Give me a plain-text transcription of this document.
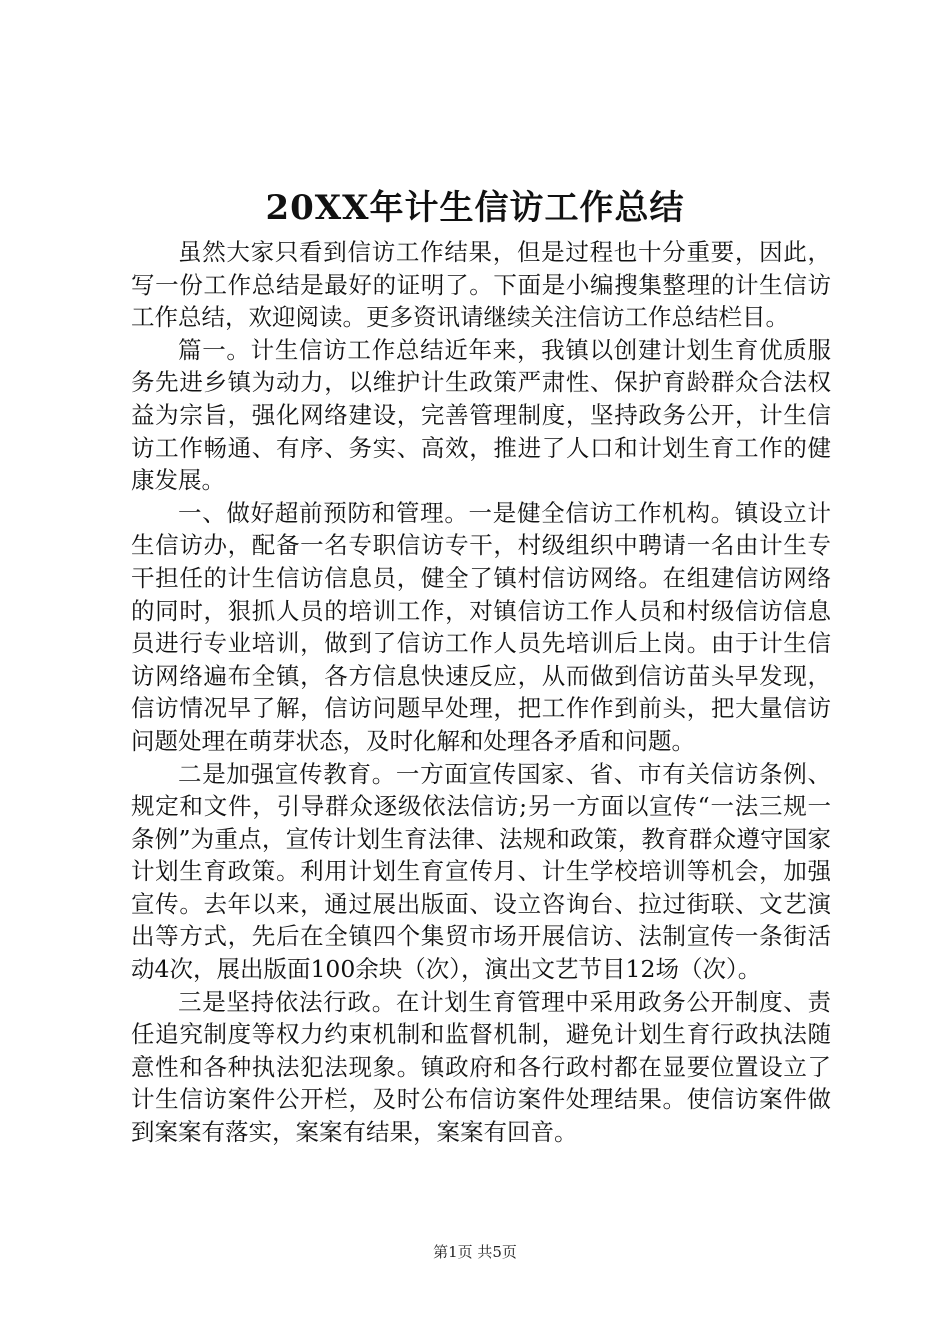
20XX年计生信访工作总结

虽然大家只看到信访工作结果，但是过程也十分重要，因此，写一份工作总结是最好的证明了。下面是小编搜集整理的计生信访工作总结，欢迎阅读。更多资讯请继续关注信访工作总结栏目。

篇一。计生信访工作总结近年来，我镇以创建计划生育优质服务先进乡镇为动力，以维护计生政策严肃性、保护育龄群众合法权益为宗旨，强化网络建设，完善管理制度，坚持政务公开，计生信访工作畅通、有序、务实、高效，推进了人口和计划生育工作的健康发展。

一、做好超前预防和管理。一是健全信访工作机构。镇设立计生信访办，配备一名专职信访专干，村级组织中聘请一名由计生专干担任的计生信访信息员，健全了镇村信访网络。在组建信访网络的同时，狠抓人员的培训工作，对镇信访工作人员和村级信访信息员进行专业培训，做到了信访工作人员先培训后上岗。由于计生信访网络遍布全镇，各方信息快速反应，从而做到信访苗头早发现，信访情况早了解，信访问题早处理，把工作作到前头，把大量信访问题处理在萌芽状态，及时化解和处理各矛盾和问题。

二是加强宣传教育。一方面宣传国家、省、市有关信访条例、规定和文件，引导群众逐级依法信访;另一方面以宣传“一法三规一条例”为重点，宣传计划生育法律、法规和政策，教育群众遵守国家计划生育政策。利用计划生育宣传月、计生学校培训等机会，加强宣传。去年以来，通过展出版面、设立咨询台、拉过街联、文艺演出等方式，先后在全镇四个集贸市场开展信访、法制宣传一条街活动4次，展出版面100余块（次），演出文艺节目12场（次）。

三是坚持依法行政。在计划生育管理中采用政务公开制度、责任追究制度等权力约束机制和监督机制，避免计划生育行政执法随意性和各种执法犯法现象。镇政府和各行政村都在显要位置设立了计生信访案件公开栏，及时公布信访案件处理结果。使信访案件做到案案有落实，案案有结果，案案有回音。

第1页 共5页
